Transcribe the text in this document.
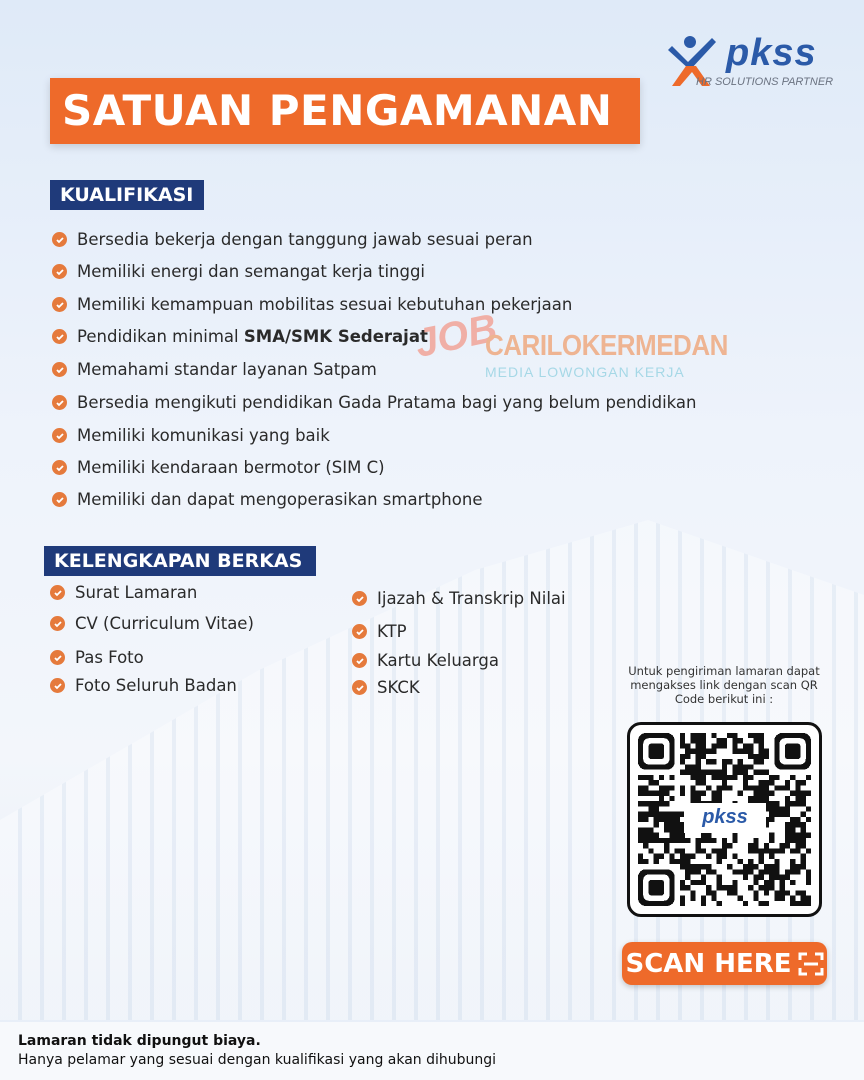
pkss
HR SOLUTIONS PARTNER
SATUAN PENGAMANAN
KUALIFIKASI
Bersedia bekerja dengan tanggung jawab sesuai peran
Memiliki energi dan semangat kerja tinggi
Memiliki kemampuan mobilitas sesuai kebutuhan pekerjaan
Pendidikan minimal SMA/SMK Sederajat
Memahami standar layanan Satpam
Bersedia mengikuti pendidikan Gada Pratama bagi yang belum pendidikan
Memiliki komunikasi yang baik
Memiliki kendaraan bermotor (SIM C)
Memiliki dan dapat mengoperasikan smartphone
JOB
CARILOKERMEDAN
MEDIA LOWONGAN KERJA
KELENGKAPAN BERKAS
Surat Lamaran
CV (Curriculum Vitae)
Pas Foto
Foto Seluruh Badan
Ijazah & Transkrip Nilai
KTP
Kartu Keluarga
SKCK
Untuk pengiriman lamaran dapat mengakses link dengan scan QR Code berikut ini :
pkss
SCAN HERE
Lamaran tidak dipungut biaya.
Hanya pelamar yang sesuai dengan kualifikasi yang akan dihubungi
